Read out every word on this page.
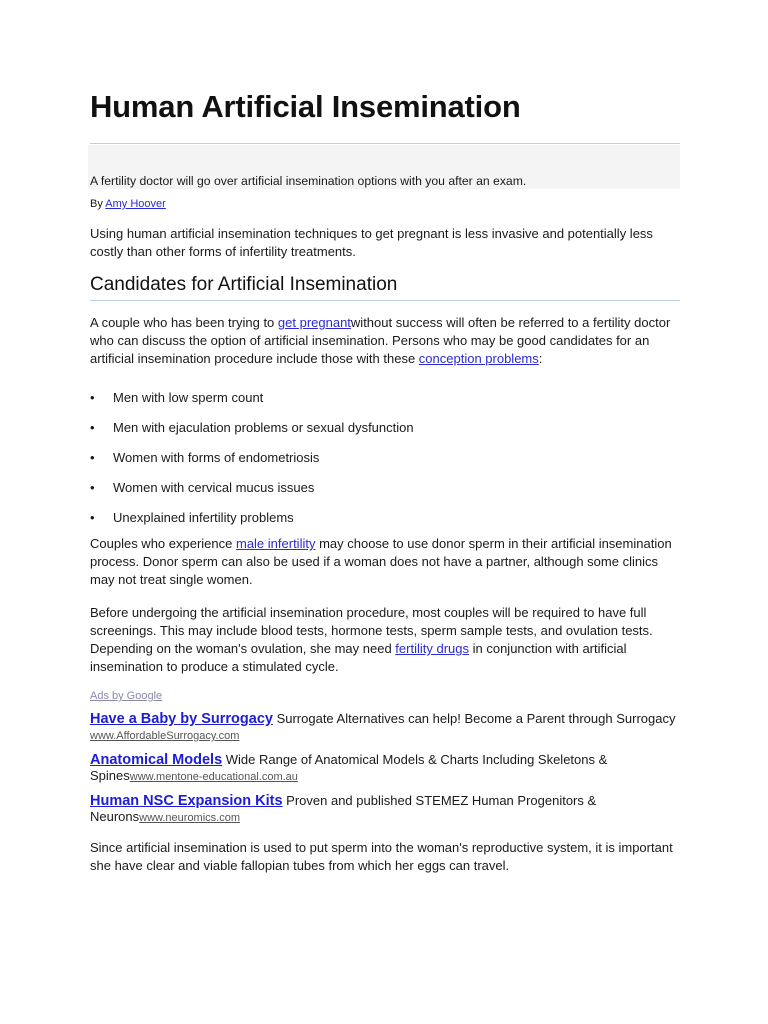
Human Artificial Insemination
A fertility doctor will go over artificial insemination options with you after an exam.
By Amy Hoover

Using human artificial insemination techniques to get pregnant is less invasive and potentially less costly than other forms of infertility treatments.

Candidates for Artificial Insemination

A couple who has been trying to get pregnantwithout success will often be referred to a fertility doctor who can discuss the option of artificial insemination. Persons who may be good candidates for an artificial insemination procedure include those with these conception problems:

• Men with low sperm count
• Men with ejaculation problems or sexual dysfunction
• Women with forms of endometriosis
• Women with cervical mucus issues
• Unexplained infertility problems

Couples who experience male infertility may choose to use donor sperm in their artificial insemination process. Donor sperm can also be used if a woman does not have a partner, although some clinics may not treat single women.

Before undergoing the artificial insemination procedure, most couples will be required to have full screenings. This may include blood tests, hormone tests, sperm sample tests, and ovulation tests. Depending on the woman's ovulation, she may need fertility drugs in conjunction with artificial insemination to produce a stimulated cycle.

Ads by Google
Have a Baby by Surrogacy Surrogate Alternatives can help! Become a Parent through Surrogacy www.AffordableSurrogacy.com
Anatomical Models Wide Range of Anatomical Models & Charts Including Skeletons & Spineswww.mentone-educational.com.au
Human NSC Expansion Kits Proven and published STEMEZ Human Progenitors & Neuronswww.neuromics.com

Since artificial insemination is used to put sperm into the woman's reproductive system, it is important she have clear and viable fallopian tubes from which her eggs can travel.
